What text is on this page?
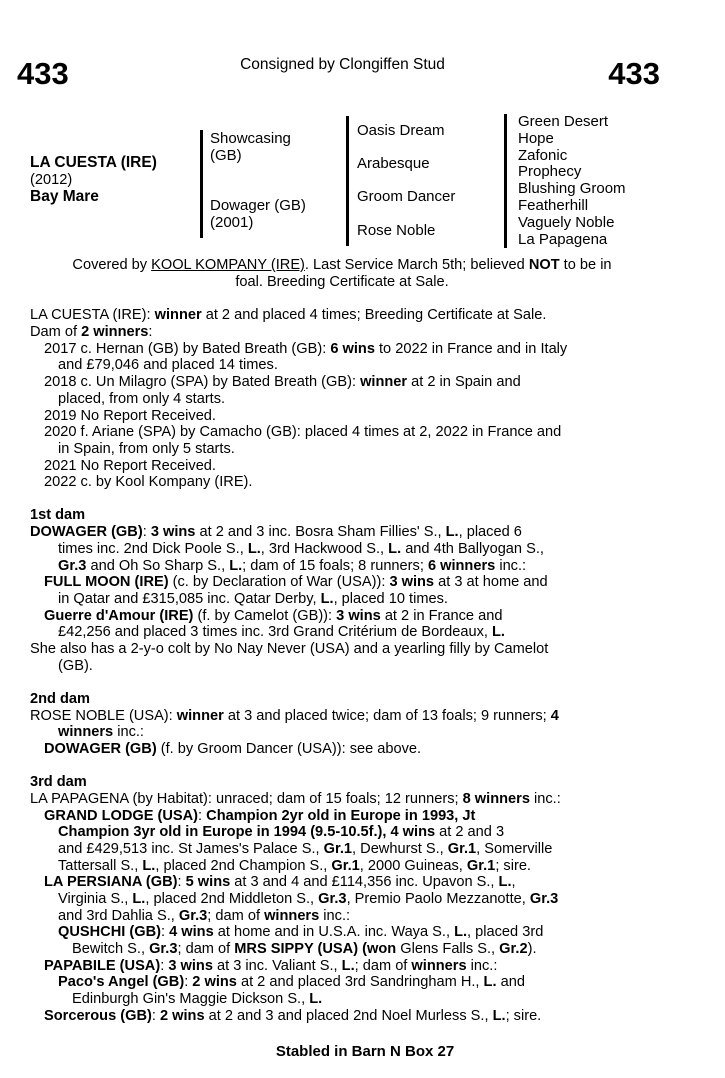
433	Consigned by Clongiffen Stud	433
LA CUESTA (IRE)
(2012)
Bay Mare
Showcasing
(GB)
Dowager (GB)
(2001)
Oasis Dream
Arabesque
Groom Dancer
Rose Noble
Green Desert
Hope
Zafonic
Prophecy
Blushing Groom
Featherhill
Vaguely Noble
La Papagena
Covered by KOOL KOMPANY (IRE). Last Service March 5th; believed NOT to be in
foal. Breeding Certificate at Sale.
LA CUESTA (IRE): winner at 2 and placed 4 times; Breeding Certificate at Sale.
Dam of 2 winners:
2017 c. Hernan (GB) by Bated Breath (GB): 6 wins to 2022 in France and in Italy
and £79,046 and placed 14 times.
2018 c. Un Milagro (SPA) by Bated Breath (GB): winner at 2 in Spain and
placed, from only 4 starts.
2019 No Report Received.
2020 f. Ariane (SPA) by Camacho (GB): placed 4 times at 2, 2022 in France and
in Spain, from only 5 starts.
2021 No Report Received.
2022 c. by Kool Kompany (IRE).
1st dam
DOWAGER (GB): 3 wins at 2 and 3 inc. Bosra Sham Fillies' S., L., placed 6
times inc. 2nd Dick Poole S., L., 3rd Hackwood S., L. and 4th Ballyogan S.,
Gr.3 and Oh So Sharp S., L.; dam of 15 foals; 8 runners; 6 winners inc.:
FULL MOON (IRE) (c. by Declaration of War (USA)): 3 wins at 3 at home and
in Qatar and £315,085 inc. Qatar Derby, L., placed 10 times.
Guerre d'Amour (IRE) (f. by Camelot (GB)): 3 wins at 2 in France and
£42,256 and placed 3 times inc. 3rd Grand Critérium de Bordeaux, L.
She also has a 2-y-o colt by No Nay Never (USA) and a yearling filly by Camelot
(GB).
2nd dam
ROSE NOBLE (USA): winner at 3 and placed twice; dam of 13 foals; 9 runners; 4
winners inc.:
DOWAGER (GB) (f. by Groom Dancer (USA)): see above.
3rd dam
LA PAPAGENA (by Habitat): unraced; dam of 15 foals; 12 runners; 8 winners inc.:
GRAND LODGE (USA): Champion 2yr old in Europe in 1993, Jt
Champion 3yr old in Europe in 1994 (9.5-10.5f.), 4 wins at 2 and 3
and £429,513 inc. St James's Palace S., Gr.1, Dewhurst S., Gr.1, Somerville
Tattersall S., L., placed 2nd Champion S., Gr.1, 2000 Guineas, Gr.1; sire.
LA PERSIANA (GB): 5 wins at 3 and 4 and £114,356 inc. Upavon S., L.,
Virginia S., L., placed 2nd Middleton S., Gr.3, Premio Paolo Mezzanotte, Gr.3
and 3rd Dahlia S., Gr.3; dam of winners inc.:
QUSHCHI (GB): 4 wins at home and in U.S.A. inc. Waya S., L., placed 3rd
Bewitch S., Gr.3; dam of MRS SIPPY (USA) (won Glens Falls S., Gr.2).
PAPABILE (USA): 3 wins at 3 inc. Valiant S., L.; dam of winners inc.:
Paco's Angel (GB): 2 wins at 2 and placed 3rd Sandringham H., L. and
Edinburgh Gin's Maggie Dickson S., L.
Sorcerous (GB): 2 wins at 2 and 3 and placed 2nd Noel Murless S., L.; sire.
Stabled in Barn N Box 27
